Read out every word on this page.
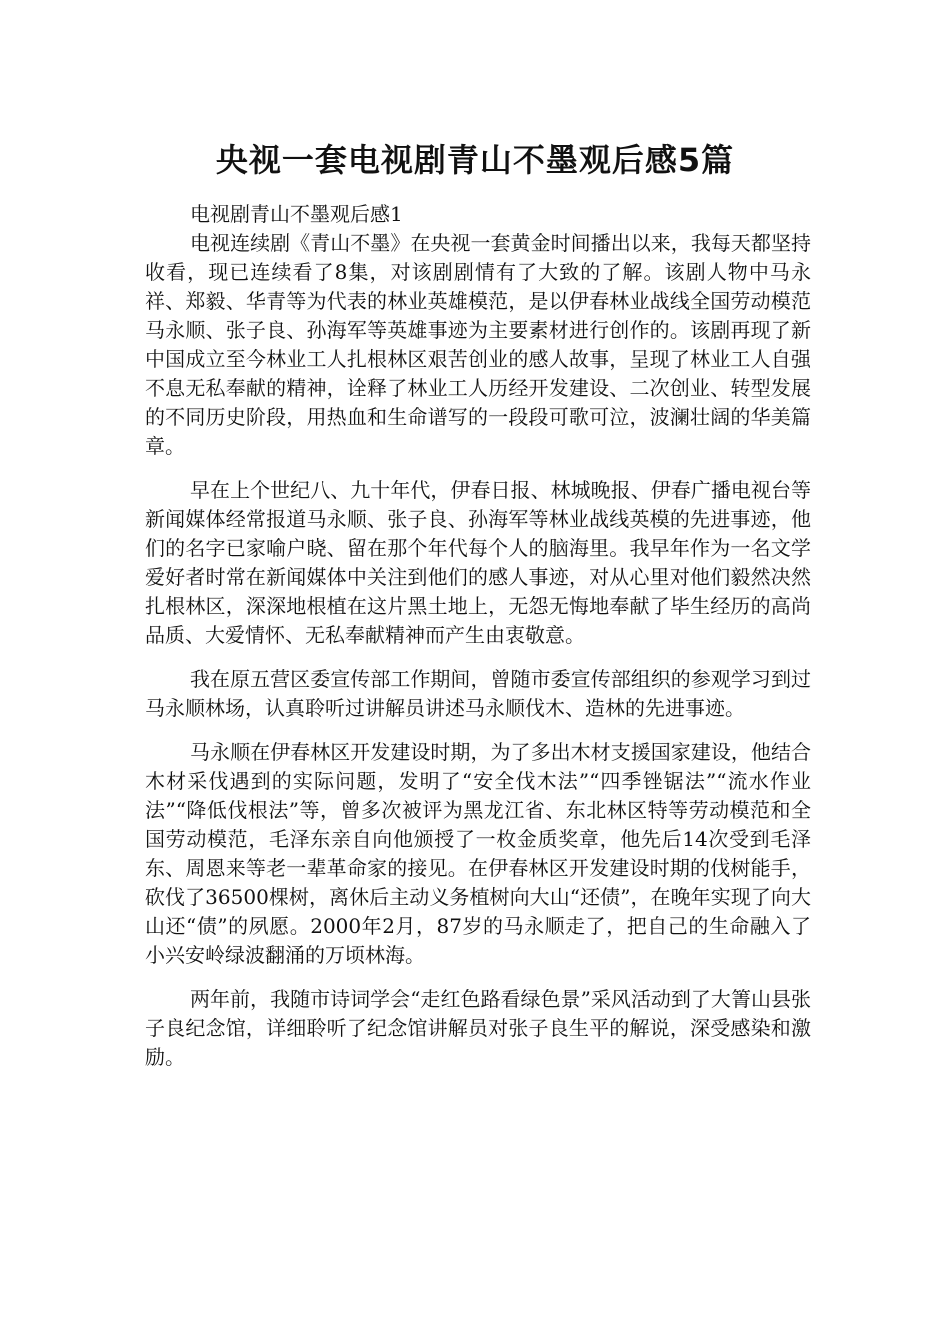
央视一套电视剧青山不墨观后感5篇

电视剧青山不墨观后感1

电视连续剧《青山不墨》在央视一套黄金时间播出以来，我每天都坚持收看，现已连续看了8集，对该剧剧情有了大致的了解。该剧人物中马永祥、郑毅、华青等为代表的林业英雄模范，是以伊春林业战线全国劳动模范马永顺、张子良、孙海军等英雄事迹为主要素材进行创作的。该剧再现了新中国成立至今林业工人扎根林区艰苦创业的感人故事，呈现了林业工人自强不息无私奉献的精神，诠释了林业工人历经开发建设、二次创业、转型发展的不同历史阶段，用热血和生命谱写的一段段可歌可泣，波澜壮阔的华美篇章。

早在上个世纪八、九十年代，伊春日报、林城晚报、伊春广播电视台等新闻媒体经常报道马永顺、张子良、孙海军等林业战线英模的先进事迹，他们的名字已家喻户晓、留在那个年代每个人的脑海里。我早年作为一名文学爱好者时常在新闻媒体中关注到他们的感人事迹，对从心里对他们毅然决然扎根林区，深深地根植在这片黑土地上，无怨无悔地奉献了毕生经历的高尚品质、大爱情怀、无私奉献精神而产生由衷敬意。

我在原五营区委宣传部工作期间，曾随市委宣传部组织的参观学习到过马永顺林场，认真聆听过讲解员讲述马永顺伐木、造林的先进事迹。

马永顺在伊春林区开发建设时期，为了多出木材支援国家建设，他结合木材采伐遇到的实际问题，发明了“安全伐木法”“四季锉锯法”“流水作业法”“降低伐根法”等，曾多次被评为黑龙江省、东北林区特等劳动模范和全国劳动模范，毛泽东亲自向他颁授了一枚金质奖章，他先后14次受到毛泽东、周恩来等老一辈革命家的接见。在伊春林区开发建设时期的伐树能手，砍伐了36500棵树，离休后主动义务植树向大山“还债”，在晚年实现了向大山还“债”的夙愿。2000年2月，87岁的马永顺走了，把自己的生命融入了小兴安岭绿波翻涌的万顷林海。

两年前，我随市诗词学会“走红色路看绿色景”采风活动到了大箐山县张子良纪念馆，详细聆听了纪念馆讲解员对张子良生平的解说，深受感染和激励。
